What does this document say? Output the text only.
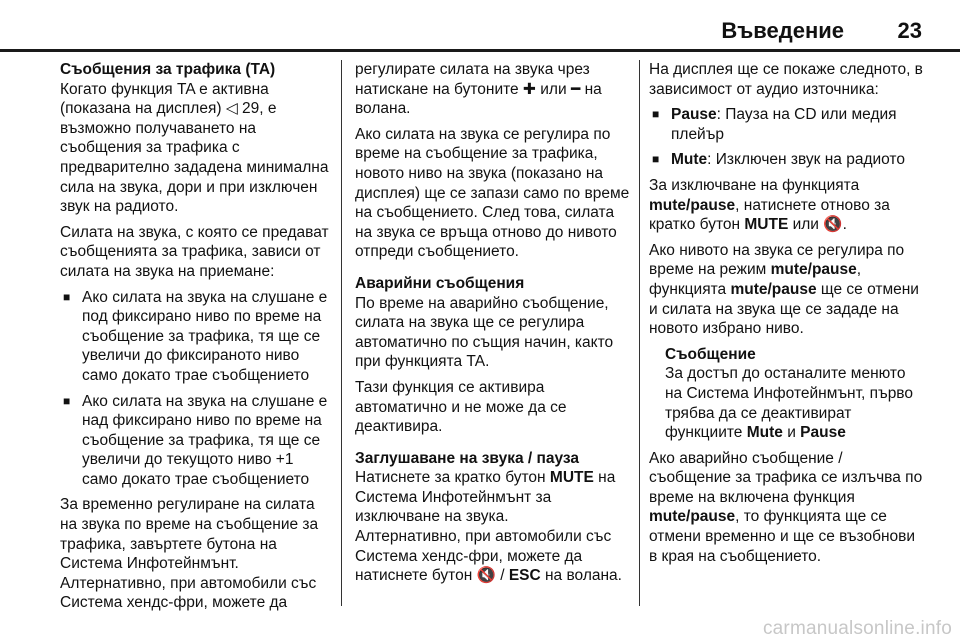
Въведение 23

Съобщения за трафика (TA)

Когато функция TA е активна (показана на дисплея) ◁ 29, е възможно получаването на съобщения за трафика с предварително зададена минимална сила на звука, дори и при изключен звук на радиото.

Силата на звука, с която се предават съобщенията за трафика, зависи от силата на звука на приемане:

■ Ако силата на звука на слушане е под фиксирано ниво по време на съобщение за трафика, тя ще се увеличи до фиксираното ниво само докато трае съобщението

■ Ако силата на звука на слушане е над фиксирано ниво по време на съобщение за трафика, тя ще се увеличи до текущото ниво +1 само докато трае съобщението

За временно регулиране на силата на звука по време на съобщение за трафика, завъртете бутона на Система Инфотейнмънт.

Алтернативно, при автомобили със Система хендс-фри, можете да

регулирате силата на звука чрез натискане на бутоните ✚ или ━ на волана.

Ако силата на звука се регулира по време на съобщение за трафика, новото ниво на звука (показано на дисплея) ще се запази само по време на съобщението. След това, силата на звука се връща отново до нивото отпреди съобщението.

Аварийни съобщения

По време на аварийно съобщение, силата на звука ще се регулира автоматично по същия начин, както при функцията TA.

Тази функция се активира автоматично и не може да се деактивира.

Заглушаване на звука / пауза

Натиснете за кратко бутон MUTE на Система Инфотейнмънт за изключване на звука.

Алтернативно, при автомобили със Система хендс-фри, можете да натиснете бутон 🔇 / ESC на волана.

На дисплея ще се покаже следното, в зависимост от аудио източника:

■ Pause: Пауза на CD или медия плейър

■ Mute: Изключен звук на радиото

За изключване на функцията mute/pause, натиснете отново за кратко бутон MUTE или 🔇.

Ако нивото на звука се регулира по време на режим mute/pause, функцията mute/pause ще се отмени и силата на звука ще се зададе на новото избрано ниво.

Съобщение

За достъп до останалите менюто на Система Инфотейнмънт, първо трябва да се деактивират функциите Mute и Pause

Ако аварийно съобщение / съобщение за трафика се излъчва по време на включена функция mute/pause, то функцията ще се отмени временно и ще се възобнови в края на съобщението.

carmanualsonline.info
